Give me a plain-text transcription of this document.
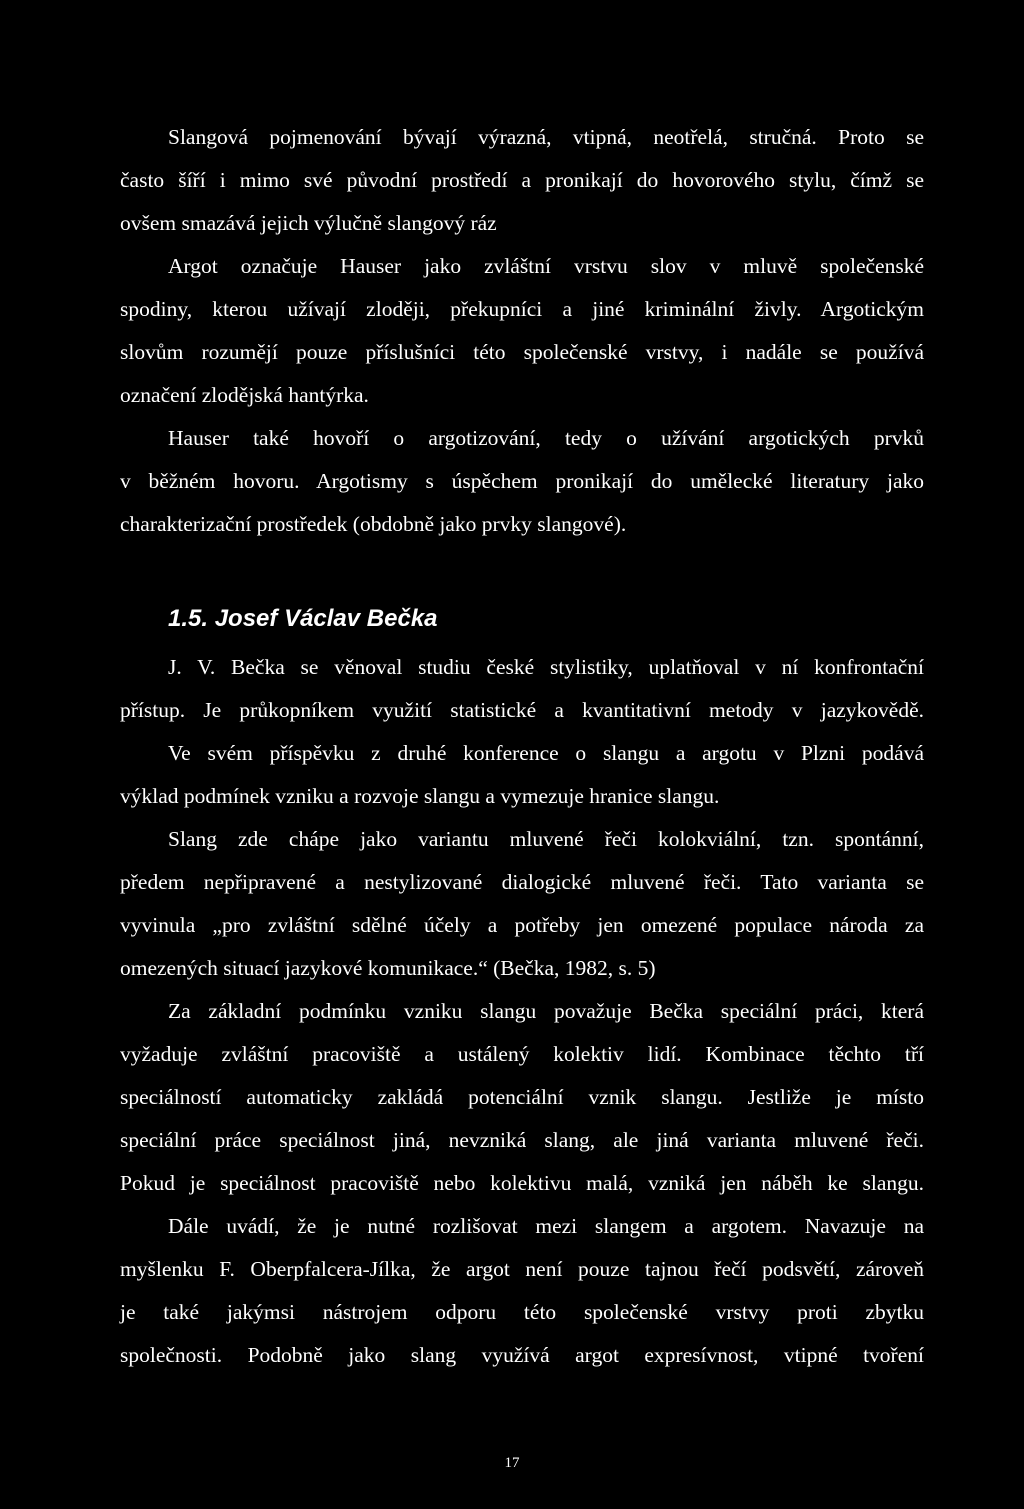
Slangová pojmenování bývají výrazná, vtipná, neotřelá, stručná. Proto se
často šíří i mimo své původní prostředí a pronikají do hovorového stylu, čímž se
ovšem smazává jejich výlučně slangový ráz
Argot označuje Hauser jako zvláštní vrstvu slov v mluvě společenské
spodiny, kterou užívají zloději, překupníci a jiné kriminální živly. Argotickým
slovům rozumějí pouze příslušníci této společenské vrstvy, i nadále se používá
označení zlodějská hantýrka.
Hauser také hovoří o argotizování, tedy o užívání argotických prvků
v běžném hovoru. Argotismy s úspěchem pronikají do umělecké literatury jako
charakterizační prostředek (obdobně jako prvky slangové).
1.5. Josef Václav Bečka
J. V. Bečka se věnoval studiu české stylistiky, uplatňoval v ní konfrontační
přístup. Je průkopníkem využití statistické a kvantitativní metody v jazykovědě.
Ve svém příspěvku z druhé konference o slangu a argotu v Plzni podává
výklad podmínek vzniku a rozvoje slangu a vymezuje hranice slangu.
Slang zde chápe jako variantu mluvené řeči kolokviální, tzn. spontánní,
předem nepřipravené a nestylizované dialogické mluvené řeči. Tato varianta se
vyvinula „pro zvláštní sdělné účely a potřeby jen omezené populace národa za
omezených situací jazykové komunikace.“ (Bečka, 1982, s. 5)
Za základní podmínku vzniku slangu považuje Bečka speciální práci, která
vyžaduje zvláštní pracoviště a ustálený kolektiv lidí. Kombinace těchto tří
speciálností automaticky zakládá potenciální vznik slangu. Jestliže je místo
speciální práce speciálnost jiná, nevzniká slang, ale jiná varianta mluvené řeči.
Pokud je speciálnost pracoviště nebo kolektivu malá, vzniká jen náběh ke slangu.
Dále uvádí, že je nutné rozlišovat mezi slangem a argotem. Navazuje na
myšlenku F. Oberpfalcera-Jílka, že argot není pouze tajnou řečí podsvětí, zároveň
je také jakýmsi nástrojem odporu této společenské vrstvy proti zbytku
společnosti. Podobně jako slang využívá argot expresívnost, vtipné tvoření
17
